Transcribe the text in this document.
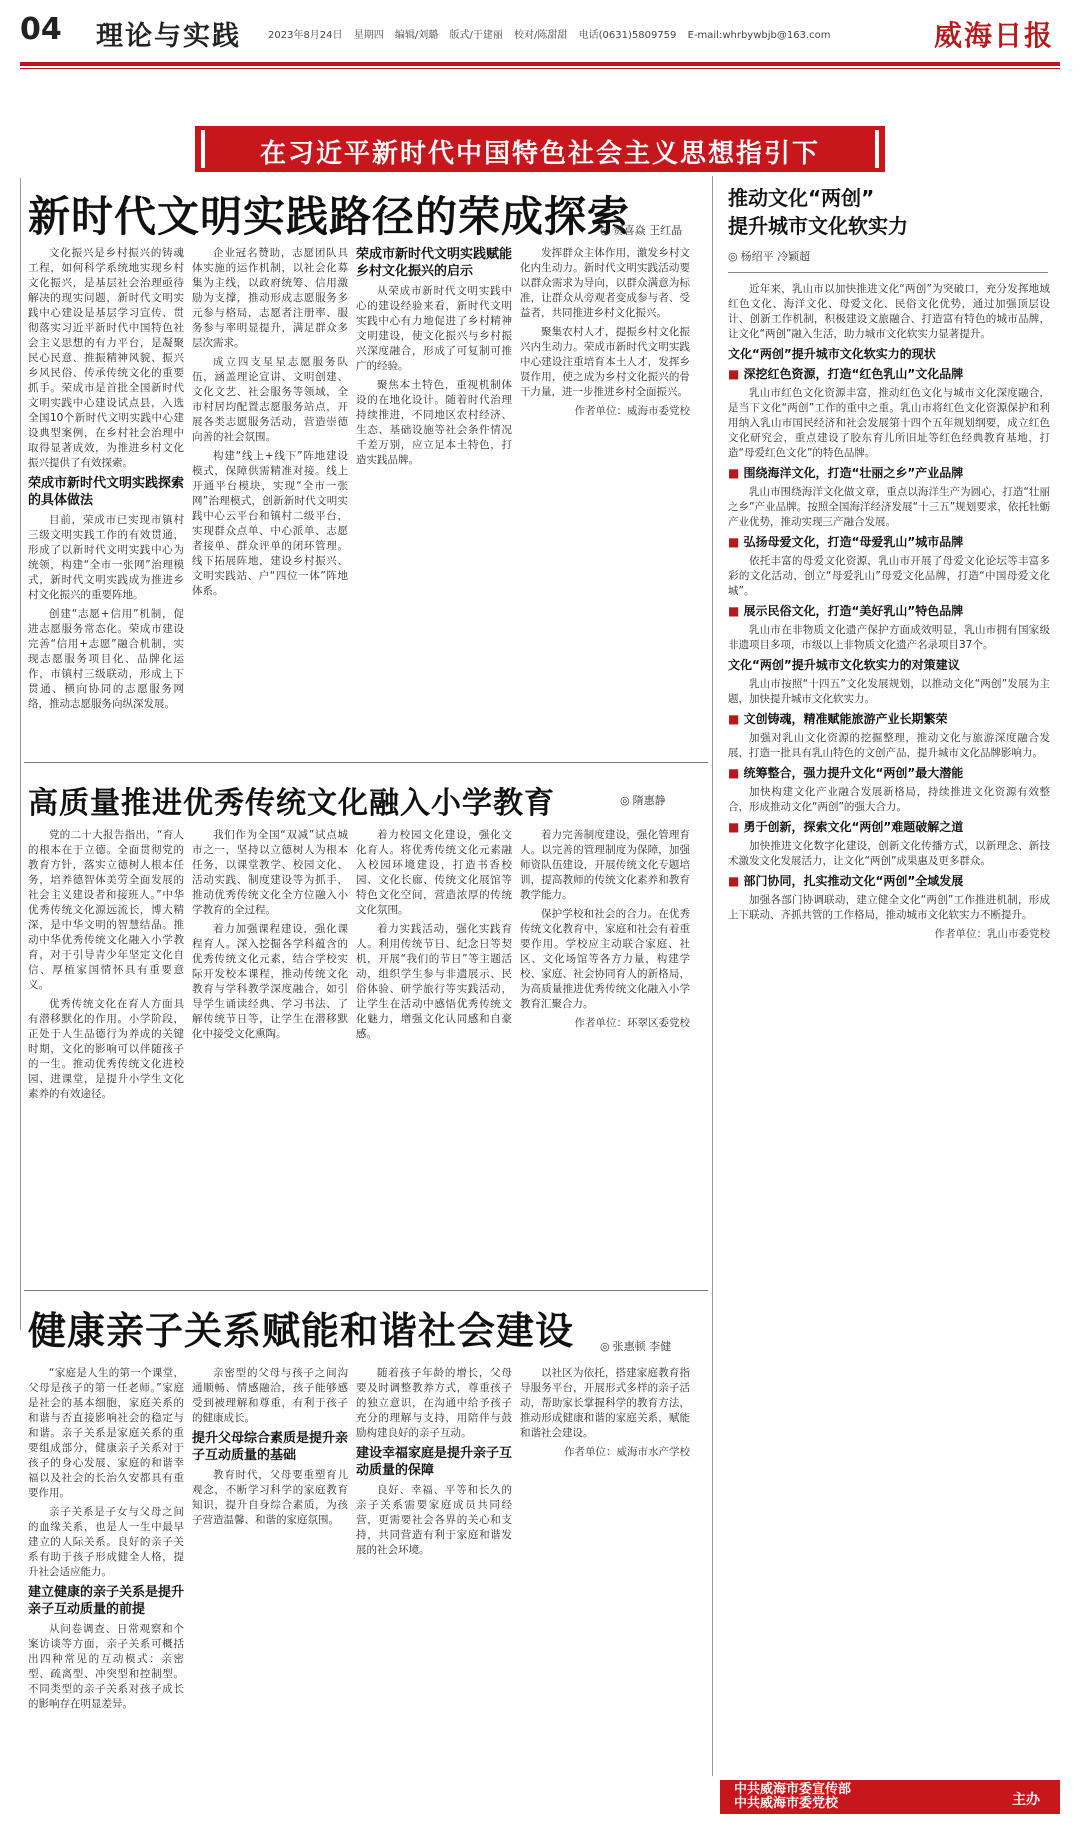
04 理论与实践	2023年8月24日 星期四 编辑/刘璐 版式/于建丽 校对/陈甜甜 电话(0631)5809759 E-mail:whrbywbjb@163.com	威海日报
在习近平新时代中国特色社会主义思想指引下
新时代文明实践路径的荣成探索
◎ 贺喜焱 王红晶

文化振兴是乡村振兴的铸魂工程，如何科学系统地实现乡村文化振兴，是基层社会治理亟待解决的现实问题，新时代文明实践中心建设是基层学习宣传、贯彻落实习近平新时代中国特色社会主义思想的有力平台，是凝聚民心民意、推振精神风貌、振兴乡风民俗、传承传统文化的重要抓手。荣成市是首批全国新时代文明实践中心建设试点县，入选全国10个新时代文明实践中心建设典型案例，在乡村社会治理中取得显著成效，为推进乡村文化振兴提供了有效探索。

荣成市新时代文明实践探索的具体做法

目前，荣成市已实现市镇村三级文明实践工作的有效贯通，形成了以新时代文明实践中心为统领，构建“全市一张网”治理模式，新时代文明实践成为推进乡村文化振兴的重要阵地。

创建“志愿+信用”机制，促进志愿服务常态化。荣成市建设完善“信用+志愿”融合机制，实现志愿服务项目化、品牌化运作，市镇村三级联动，形成上下贯通、横向协同的志愿服务网络，推动志愿服务向纵深发展。

企业冠名赞助，志愿团队具体实施的运作机制，以社会化募集为主线，以政府统筹、信用激励为支撑，推动形成志愿服务多元参与格局，志愿者注册率、服务参与率明显提升，满足群众多层次需求。

成立四支星星志愿服务队伍，涵盖理论宣讲、文明创建、文化文艺、社会服务等领域，全市村居均配置志愿服务站点，开展各类志愿服务活动，营造崇德向善的社会氛围。

构建“线上+线下”阵地建设模式，保障供需精准对接。线上开通平台模块，实现“全市一张网”治理模式，创新新时代文明实践中心云平台和镇村二级平台，实现群众点单、中心派单、志愿者接单、群众评单的闭环管理。线下拓展阵地，建设乡村振兴、文明实践站、户“四位一体”阵地体系。

荣成市新时代文明实践赋能乡村文化振兴的启示

从荣成市新时代文明实践中心的建设经验来看，新时代文明实践中心有力地促进了乡村精神文明建设，使文化振兴与乡村振兴深度融合，形成了可复制可推广的经验。

聚焦本土特色，重视机制体设的在地化设计。随着时代治理持续推进，不同地区农村经济、生态、基础设施等社会条件情况千差万别，应立足本土特色，打造实践品牌。

发挥群众主体作用，激发乡村文化内生动力。新时代文明实践活动要以群众需求为导向，以群众满意为标准，让群众从旁观者变成参与者、受益者，共同推进乡村文化振兴。

聚集农村人才，提振乡村文化振兴内生动力。荣成市新时代文明实践中心建设注重培育本土人才，发挥乡贤作用，使之成为乡村文化振兴的骨干力量，进一步推进乡村全面振兴。

作者单位：威海市委党校

高质量推进优秀传统文化融入小学教育	◎ 隋惠静

党的二十大报告指出，“育人的根本在于立德。全面贯彻党的教育方针，落实立德树人根本任务，培养德智体美劳全面发展的社会主义建设者和接班人。”中华优秀传统文化源远流长，博大精深，是中华文明的智慧结晶。推动中华优秀传统文化融入小学教育，对于引导青少年坚定文化自信、厚植家国情怀具有重要意义。

优秀传统文化在育人方面具有潜移默化的作用。小学阶段，正处于人生品德行为养成的关键时期，文化的影响可以伴随孩子的一生。推动优秀传统文化进校园、进课堂，是提升小学生文化素养的有效途径。

我们作为全国“双减”试点城市之一，坚持以立德树人为根本任务，以课堂教学、校园文化、活动实践、制度建设等为抓手，推动优秀传统文化全方位融入小学教育的全过程。

着力加强课程建设，强化课程育人。深入挖掘各学科蕴含的优秀传统文化元素，结合学校实际开发校本课程，推动传统文化教育与学科教学深度融合，如引导学生诵读经典、学习书法、了解传统节日等，让学生在潜移默化中接受文化熏陶。

着力校园文化建设，强化文化育人。将优秀传统文化元素融入校园环境建设，打造书香校园、文化长廊、传统文化展馆等特色文化空间，营造浓厚的传统文化氛围。

着力实践活动，强化实践育人。利用传统节日、纪念日等契机，开展“我们的节日”等主题活动，组织学生参与非遗展示、民俗体验、研学旅行等实践活动，让学生在活动中感悟优秀传统文化魅力，增强文化认同感和自豪感。

着力完善制度建设，强化管理育人。以完善的管理制度为保障，加强师资队伍建设，开展传统文化专题培训，提高教师的传统文化素养和教育教学能力。

保护学校和社会的合力。在优秀传统文化教育中，家庭和社会有着重要作用。学校应主动联合家庭、社区、文化场馆等各方力量，构建学校、家庭、社会协同育人的新格局，为高质量推进优秀传统文化融入小学教育汇聚合力。

作者单位：环翠区委党校

健康亲子关系赋能和谐社会建设	◎ 张惠顿 李健

“家庭是人生的第一个课堂，父母是孩子的第一任老师。”家庭是社会的基本细胞，家庭关系的和谐与否直接影响社会的稳定与和谐。亲子关系是家庭关系的重要组成部分，健康亲子关系对于孩子的身心发展、家庭的和谐幸福以及社会的长治久安都具有重要作用。

亲子关系是子女与父母之间的血缘关系，也是人一生中最早建立的人际关系。良好的亲子关系有助于孩子形成健全人格，提升社会适应能力。

建立健康的亲子关系是提升亲子互动质量的前提

从问卷调查、日常观察和个案访谈等方面，亲子关系可概括出四种常见的互动模式：亲密型、疏离型、冲突型和控制型。不同类型的亲子关系对孩子成长的影响存在明显差异。

亲密型的父母与孩子之间沟通顺畅、情感融洽，孩子能够感受到被理解和尊重，有利于孩子的健康成长。

提升父母综合素质是提升亲子互动质量的基础

教育时代，父母要重塑育儿观念，不断学习科学的家庭教育知识，提升自身综合素质，为孩子营造温馨、和谐的家庭氛围。

随着孩子年龄的增长，父母要及时调整教养方式，尊重孩子的独立意识，在沟通中给予孩子充分的理解与支持，用陪伴与鼓励构建良好的亲子互动。

建设幸福家庭是提升亲子互动质量的保障

良好、幸福、平等和长久的亲子关系需要家庭成员共同经营，更需要社会各界的关心和支持，共同营造有利于家庭和谐发展的社会环境。

以社区为依托，搭建家庭教育指导服务平台，开展形式多样的亲子活动，帮助家长掌握科学的教育方法，推动形成健康和谐的家庭关系，赋能和谐社会建设。

作者单位：威海市水产学校

推动文化“两创”
提升城市文化软实力
◎ 杨绍平 冷颖超

近年来，乳山市以加快推进文化“两创”为突破口，充分发挥地域红色文化、海洋文化、母爱文化、民俗文化优势，通过加强顶层设计、创新工作机制，积极建设文旅融合、打造富有特色的城市品牌，让文化“两创”融入生活，助力城市文化软实力显著提升。

文化“两创”提升城市文化软实力的现状

■ 深挖红色资源，打造“红色乳山”文化品牌

乳山市红色文化资源丰富，推动红色文化与城市文化深度融合，是当下文化“两创”工作的重中之重。乳山市将红色文化资源保护和利用纳入乳山市国民经济和社会发展第十四个五年规划纲要，成立红色文化研究会，重点建设了胶东育儿所旧址等红色经典教育基地，打造“母爱红色文化”的特色品牌。

■ 围绕海洋文化，打造“壮丽之乡”产业品牌

乳山市围绕海洋文化做文章，重点以海洋生产为圆心，打造“壮丽之乡”产业品牌。按照全国海洋经济发展“十三五”规划要求，依托牡蛎产业优势，推动实现三产融合发展。

■ 弘扬母爱文化，打造“母爱乳山”城市品牌

依托丰富的母爱文化资源，乳山市开展了母爱文化论坛等丰富多彩的文化活动，创立“母爱乳山”母爱文化品牌，打造“中国母爱文化城”。

■ 展示民俗文化，打造“美好乳山”特色品牌

乳山市在非物质文化遗产保护方面成效明显，乳山市拥有国家级非遗项目多项，市级以上非物质文化遗产名录项目37个。

文化“两创”提升城市文化软实力的对策建议

乳山市按照“十四五”文化发展规划，以推动文化“两创”发展为主题，加快提升城市文化软实力。

■ 文创铸魂，精准赋能旅游产业长期繁荣

加强对乳山文化资源的挖掘整理，推动文化与旅游深度融合发展，打造一批具有乳山特色的文创产品，提升城市文化品牌影响力。

■ 统筹整合，强力提升文化“两创”最大潜能

加快构建文化产业融合发展新格局，持续推进文化资源有效整合，形成推动文化“两创”的强大合力。

■ 勇于创新，探索文化“两创”难题破解之道

加快推进文化数字化建设，创新文化传播方式，以新理念、新技术激发文化发展活力，让文化“两创”成果惠及更多群众。

■ 部门协同，扎实推动文化“两创”全域发展

加强各部门协调联动，建立健全文化“两创”工作推进机制，形成上下联动、齐抓共管的工作格局，推动城市文化软实力不断提升。

作者单位：乳山市委党校

中共威海市委宣传部
中共威海市委党校	主办
